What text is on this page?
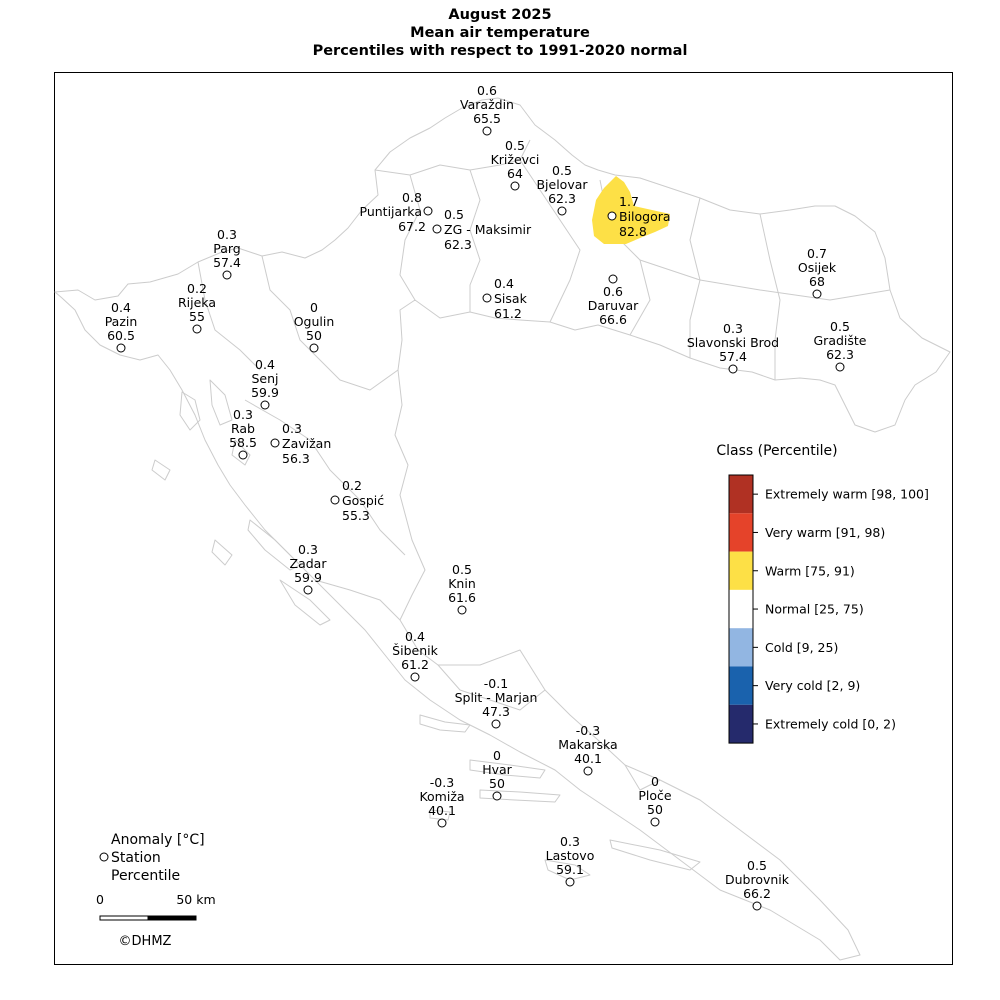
August 2025
Mean air temperature
Percentiles with respect to 1991-2020 normal
0.6
Varaždin
65.5
0.5
Križevci
64 0.5
Bjelovar
62.3	1.7
Bilogora
82.8
0.8
Puntijarka
67.2
0.5
ZG - Maksimir
62.3
0.3
Parg
57.4
0.7
Osijek
68
0.2
Rijeka
55
0.4
Pazin
60.5
0
Ogulin
50
0.4
Sisak
61.2
0.6
Daruvar
66.6
0.3
Slavonski Brod
57.4
0.5
Gradište
62.3
0.4
Senj
59.9
0.3
Rab
58.5
0.3
Zavižan
56.3
0.2
Gospić
55.3
0.3
Zadar
59.9
0.5
Knin
61.6
0.4
Šibenik
61.2
-0.1
Split - Marjan
47.3
-0.3
Makarska
40.1
0
Hvar
50
-0.3
Komiža
40.1
0
Ploče
50
0.3
Lastovo
59.1	0.5
Dubrovnik
66.2
Class (Percentile)
Extremely warm [98, 100]
Very warm [91, 98)
Warm [75, 91)
Normal [25, 75)
Cold [9, 25)
Very cold [2, 9)
Extremely cold [0, 2)
Anomaly [°C]
Station
Percentile
0	50 km
©DHMZ
